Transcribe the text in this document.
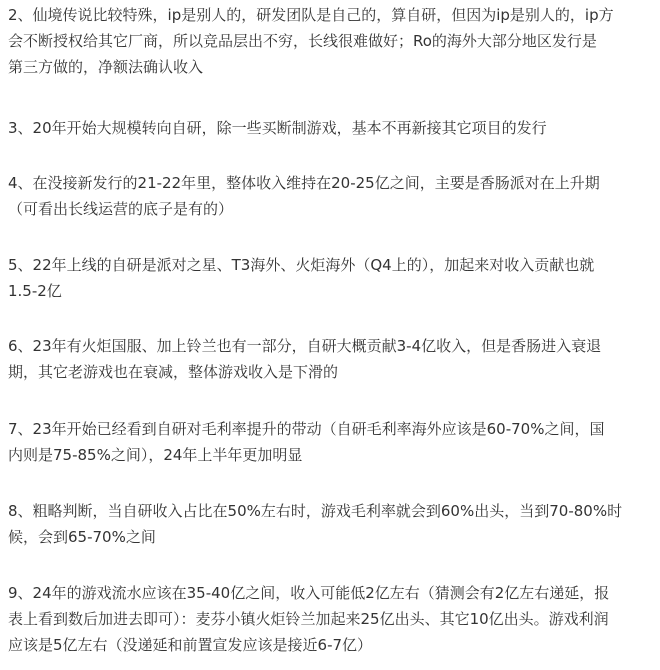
2、仙境传说比较特殊，ip是别人的，研发团队是自己的，算自研，但因为ip是别人的，ip方
会不断授权给其它厂商，所以竞品层出不穷，长线很难做好；Ro的海外大部分地区发行是
第三方做的，净额法确认收入

3、20年开始大规模转向自研，除一些买断制游戏，基本不再新接其它项目的发行

4、在没接新发行的21-22年里，整体收入维持在20-25亿之间，主要是香肠派对在上升期
（可看出长线运营的底子是有的）

5、22年上线的自研是派对之星、T3海外、火炬海外（Q4上的），加起来对收入贡献也就
1.5-2亿

6、23年有火炬国服、加上铃兰也有一部分，自研大概贡献3-4亿收入，但是香肠进入衰退
期，其它老游戏也在衰减，整体游戏收入是下滑的

7、23年开始已经看到自研对毛利率提升的带动（自研毛利率海外应该是60-70%之间，国
内则是75-85%之间），24年上半年更加明显

8、粗略判断，当自研收入占比在50%左右时，游戏毛利率就会到60%出头，当到70-80%时
候，会到65-70%之间

9、24年的游戏流水应该在35-40亿之间，收入可能低2亿左右（猜测会有2亿左右递延，报
表上看到数后加进去即可）：麦芬小镇火炬铃兰加起来25亿出头、其它10亿出头。游戏利润
应该是5亿左右（没递延和前置宣发应该是接近6-7亿）
